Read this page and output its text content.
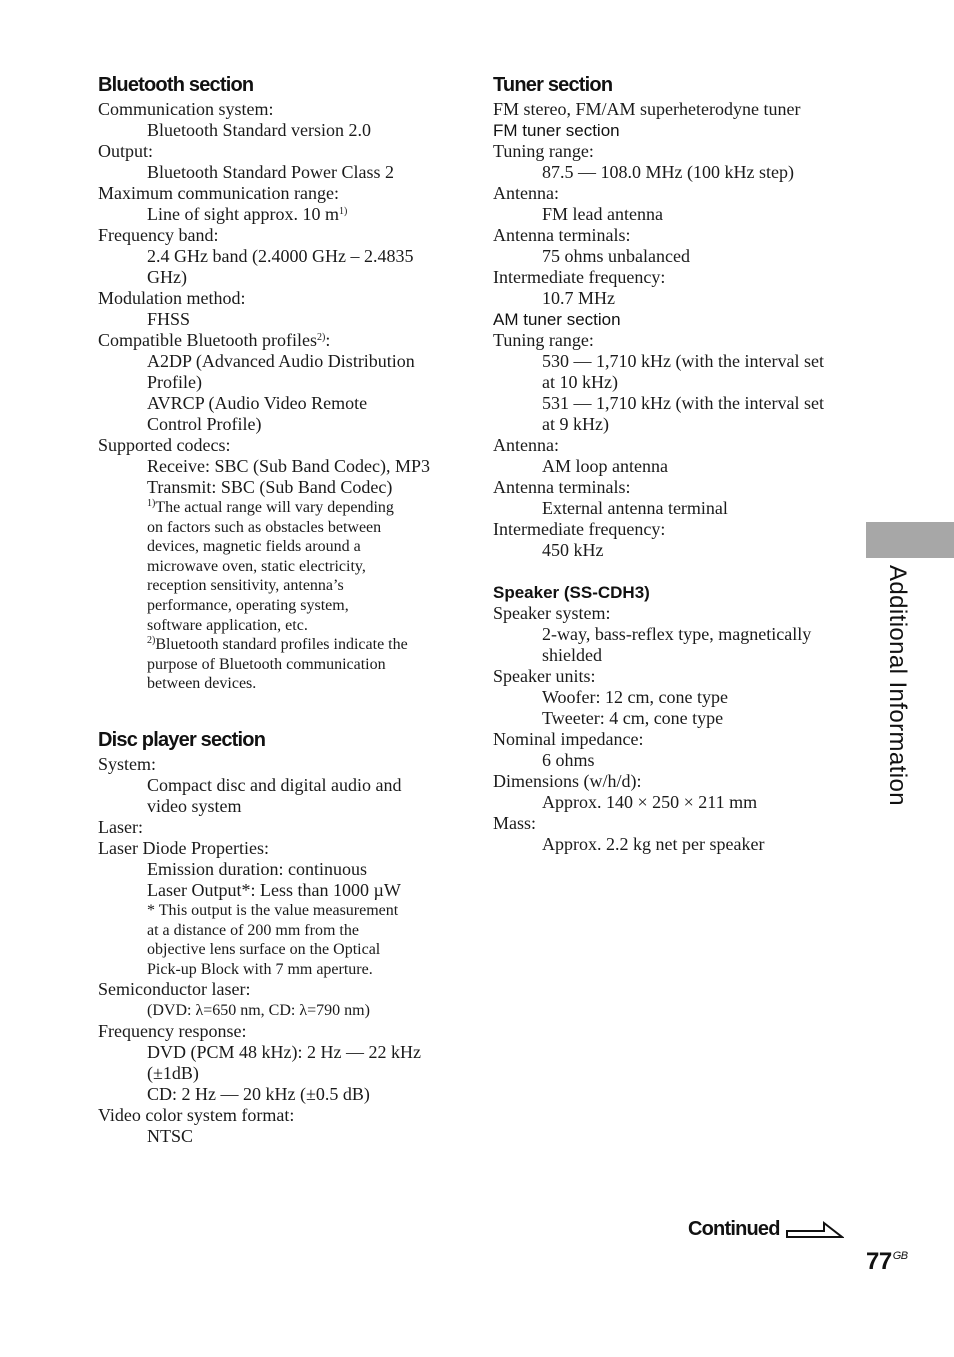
Bluetooth section
Communication system:
Bluetooth Standard version 2.0
Output:
Bluetooth Standard Power Class 2
Maximum communication range:
Line of sight approx. 10 $m^{1)}$
Frequency band:
2.4 GHz band (2.4000 GHz – 2.4835
GHz)
Modulation method:
FHSS
Compatible Bluetooth profiles$^{2)}$:
A2DP (Advanced Audio Distribution
Profile)
AVRCP (Audio Video Remote
Control Profile)
Supported codecs:
Receive: SBC (Sub Band Codec), MP3
Transmit: SBC (Sub Band Codec)
$^{1)}$The actual range will vary depending
on factors such as obstacles between
devices, magnetic fields around a
microwave oven, static electricity,
reception sensitivity, antenna’s
performance, operating system,
software application, etc.
$^{2)}$Bluetooth standard profiles indicate the
purpose of Bluetooth communication
between devices.
Disc player section
System:
Compact disc and digital audio and
video system
Laser:
Laser Diode Properties:
Emission duration: continuous
Laser Output*: Less than 1000 µW
* This output is the value measurement
at a distance of 200 mm from the
objective lens surface on the Optical
Pick-up Block with 7 mm aperture.
Semiconductor laser:
(DVD: λ=650 nm, CD: λ=790 nm)
Frequency response:
DVD (PCM 48 kHz): 2 Hz — 22 kHz
(±1dB)
CD: 2 Hz — 20 kHz (±0.5 dB)
Video color system format:
NTSC
Tuner section
FM stereo, FM/AM superheterodyne tuner
FM tuner section
Tuning range:
87.5 — 108.0 MHz (100 kHz step)
Antenna:
FM lead antenna
Antenna terminals:
75 ohms unbalanced
Intermediate frequency:
10.7 MHz
AM tuner section
Tuning range:
530 — 1,710 kHz (with the interval set
at 10 kHz)
531 — 1,710 kHz (with the interval set
at 9 kHz)
Antenna:
AM loop antenna
Antenna terminals:
External antenna terminal
Intermediate frequency:
450 kHz
Speaker (SS-CDH3)
Speaker system:
2-way, bass-reflex type, magnetically
shielded
Speaker units:
Woofer: 12 cm, cone type
Tweeter: 4 cm, cone type
Nominal impedance:
6 ohms
Dimensions (w/h/d):
Approx. 140 × 250 × 211 mm
Mass:
Approx. 2.2 kg net per speaker
Additional Information
Continued
$77^{GB}$
